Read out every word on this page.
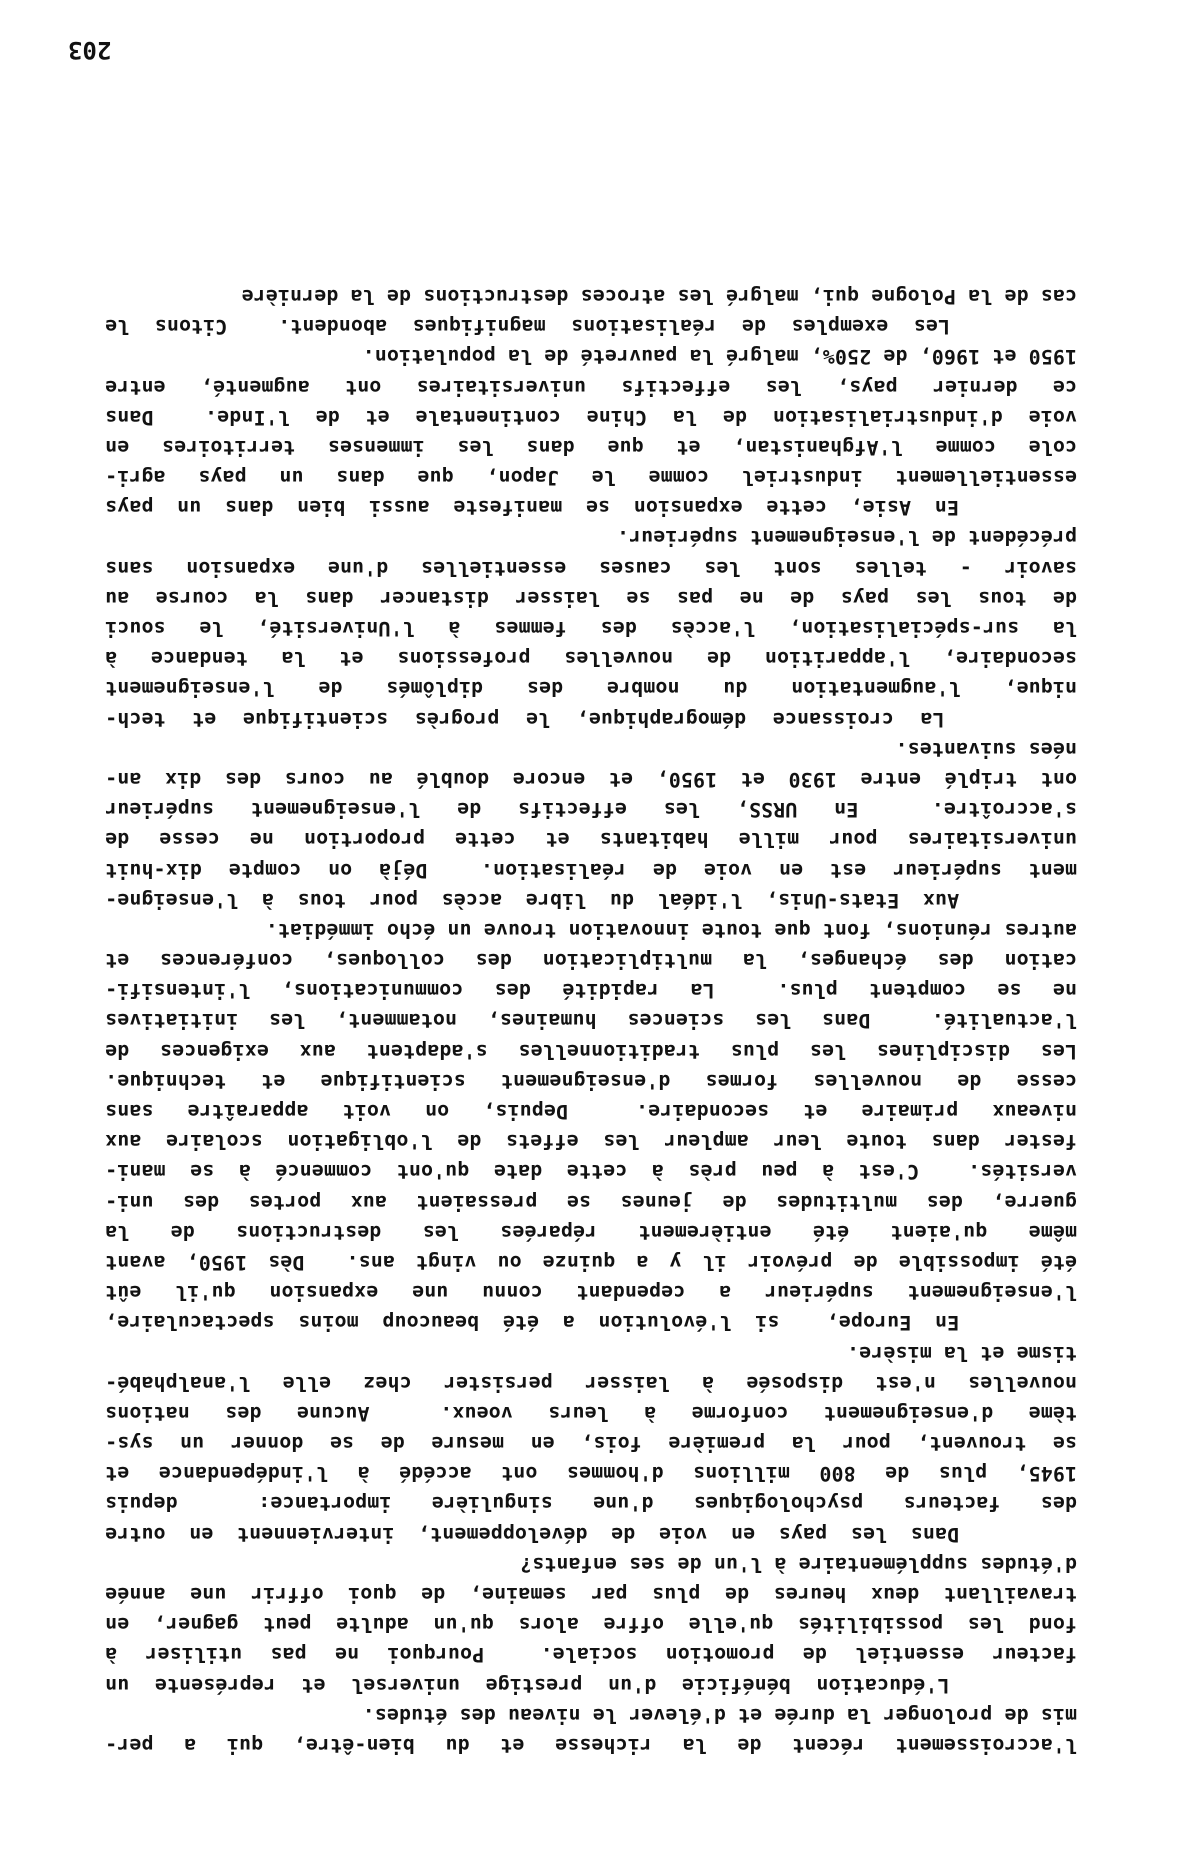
l'accroissement récent de la richesse et du bien-être, qui a per-
mis de prolonger la durée et d'élever le niveau des études.
L'éducation bénéficie d'un prestige universel et représente un
facteur essentiel de promotion sociale.  Pourquoi ne pas utiliser à
fond les possibilités qu'elle offre alors qu'un adulte peut gagner, en
travaillant deux heures de plus par semaine, de quoi offrir une année
d'études supplémentaire à l'un de ses enfants?
Dans les pays en voie de développement, interviennent en outre
des facteurs psychologiques d'une singulière importance:  depuis
1945, plus de 800 millions d'hommes ont accédé à l'indépendance et
se trouvent, pour la première fois, en mesure de se donner un sys-
tème d'enseignement conforme à leurs voeux.  Aucune des nations
nouvelles n'est disposée à laisser persister chez elle l'analphabé-
tisme et la misère.
En Europe,  si l'évolution a été beaucoup moins spectaculaire,
l'enseignement supérieur a cependant connu une expansion qu'il eût
été impossible de prévoir il y a quinze ou vingt ans.  Dès 1950, avant
même qu'aient été entièrement réparées les destructions de la
guerre, des multitudes de jeunes se pressaient aux portes des uni-
versités.  C'est à peu près à cette date qu'ont commencé à se mani-
fester dans toute leur ampleur les effets de l'obligation scolaire aux
niveaux primaire et secondaire.  Depuis, on voit apparaître sans
cesse de nouvelles formes d'enseignement scientifique et technique.
Les disciplines les plus traditionnelles s'adaptent aux exigences de
l'actualité.  Dans les sciences humaines, notamment, les initiatives
ne se comptent plus.  La rapidité des communications, l'intensifi-
cation des échanges, la multiplication des colloques, conférences et
autres réunions, font que toute innovation trouve un écho immédiat.
Aux Etats-Unis, l'idéal du libre accès pour tous à l'enseigne-
ment supérieur est en voie de réalisation.  Déjà on compte dix-huit
universitaires pour mille habitants et cette proportion ne cesse de
s'accroître.  En URSS, les effectifs de l'enseignement supérieur
ont triplé entre 1930 et 1950, et encore doublé au cours des dix an-
nées suivantes.
La croissance démographique, le progrès scientifique et tech-
nique, l'augmentation du nombre des diplômés de l'enseignement
secondaire, l'apparition de nouvelles professions et la tendance à
la sur-spécialisation, l'accès des femmes à l'Université, le souci
de tous les pays de ne pas se laisser distancer dans la course au
savoir - telles sont les causes essentielles d'une expansion sans
précédent de l'enseignement supérieur.
En Asie, cette expansion se manifeste aussi bien dans un pays
essentiellement industriel comme le Japon, que dans un pays agri-
cole comme l'Afghanistan, et que dans les immenses territoires en
voie d'industrialisation de la Chine continentale et de l'Inde.  Dans
ce dernier pays, les effectifs universitaires ont augmenté, entre
1950 et 1960, de 250%, malgré la pauvreté de la population.
Les exemples de réalisations magnifiques abondent.  Citons le
cas de la Pologne qui, malgré les atroces destructions de la dernière
203
